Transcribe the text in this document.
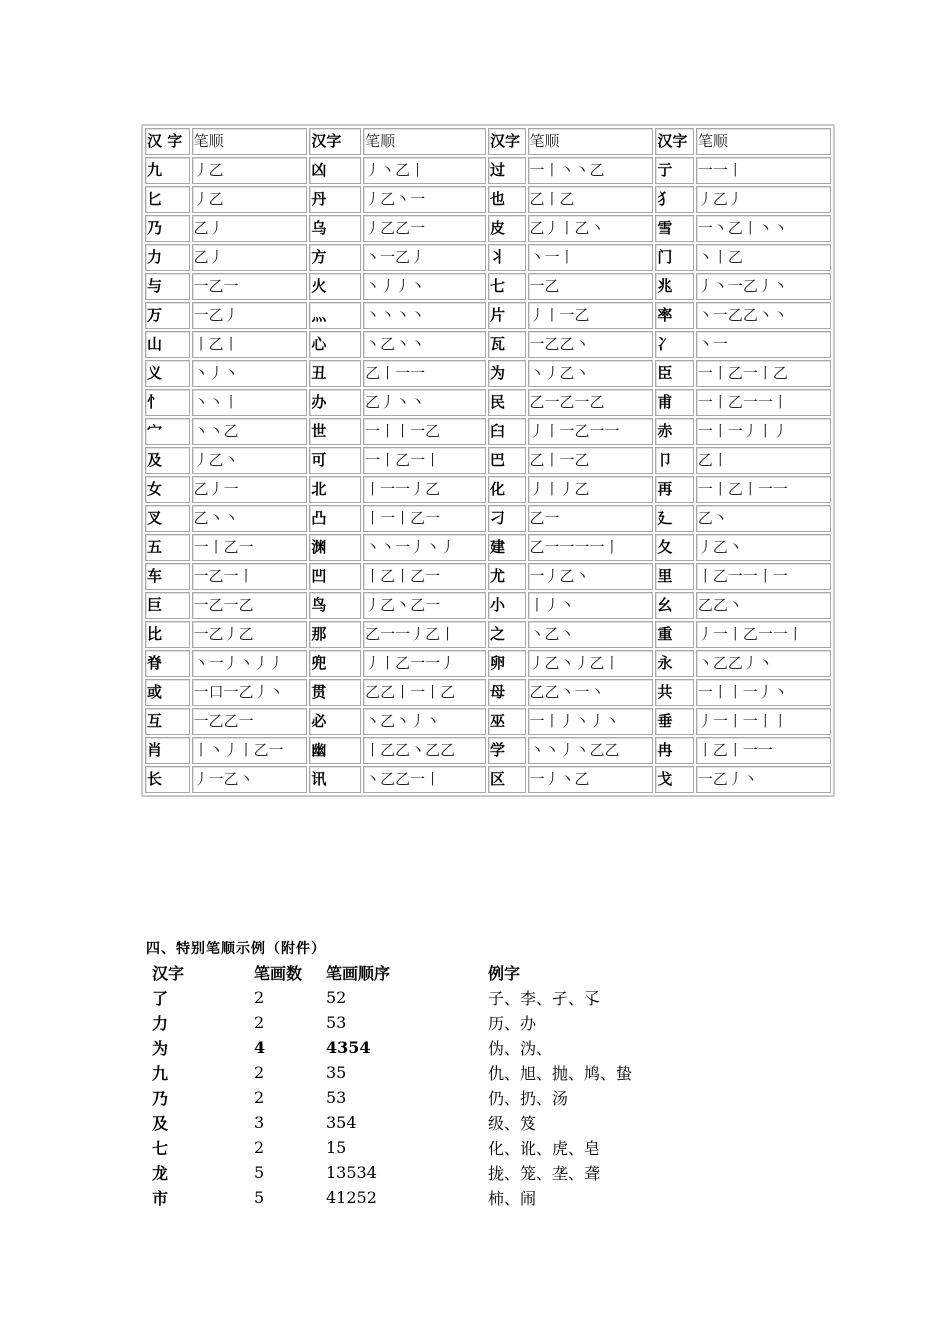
汉 字	笔顺	汉字	笔顺	汉字	笔顺	汉字	笔顺
九	丿乙	凶	丿丶乙丨	过	一丨丶丶乙	亍	一一丨
匕	丿乙	丹	丿乙丶一	也	乙丨乙	犭	丿乙丿
乃	乙丿	乌	丿乙乙一	皮	乙丿丨乙丶	雪	一丶乙丨丶丶
力	乙丿	方	丶一乙丿	丬	丶一丨	门	丶丨乙
与	一乙一	火	丶丿丿丶	七	一乙	兆	丿丶一乙丿丶
万	一乙丿	灬	丶丶丶丶	片	丿丨一乙	率	丶一乙乙丶丶
山	丨乙丨	心	丶乙丶丶	瓦	一乙乙丶	冫	丶一
义	丶丿丶	丑	乙丨一一	为	丶丿乙丶	臣	一丨乙一丨乙
忄	丶丶丨	办	乙丿丶丶	民	乙一乙一乙	甫	一丨乙一一丨
宀	丶丶乙	世	一丨丨一乙	臼	丿丨一乙一一	赤	一丨一丿丨丿
及	丿乙丶	可	一丨乙一丨	巴	乙丨一乙	卩	乙丨
女	乙丿一	北	丨一一丿乙	化	丿丨丿乙	再	一丨乙丨一一
叉	乙丶丶	凸	丨一丨乙一	刁	乙一	廴	乙丶
五	一丨乙一	渊	丶丶一丿丶丿	建	乙一一一一丨	夂	丿乙丶
车	一乙一丨	凹	丨乙丨乙一	尤	一丿乙丶	里	丨乙一一丨一
巨	一乙一乙	鸟	丿乙丶乙一	小	丨丿丶	幺	乙乙丶
比	一乙丿乙	那	乙一一丿乙丨	之	丶乙丶	重	丿一丨乙一一丨
脊	丶一丿丶丿丿	兜	丿丨乙一一丿	卵	丿乙丶丿乙丨	永	丶乙乙丿丶
或	一口一乙丿丶	贯	乙乙丨一丨乙	母	乙乙丶一丶	共	一丨丨一丿丶
互	一乙乙一	必	丶乙丶丿丶	巫	一丨丿丶丿丶	垂	丿一丨一丨丨
肖	丨丶丿丨乙一	幽	丨乙乙丶乙乙	学	丶丶丿丶乙乙	冉	丨乙丨一一
长	丿一乙丶	讯	丶乙乙一丨	区	一丿丶乙	戈	一乙丿丶
四、特别笔顺示例（附件）
汉字	笔画数	笔画顺序	例字
了	2	52	子、李、孑、孓
力	2	53	历、办
为	4	4354	伪、沩、
九	2	35	仇、旭、抛、鸠、蛰
乃	2	53	仍、扔、汤
及	3	354	级、笈
七	2	15	化、讹、虎、皂
龙	5	13534	拢、笼、垄、聋
市	5	41252	柿、闹
